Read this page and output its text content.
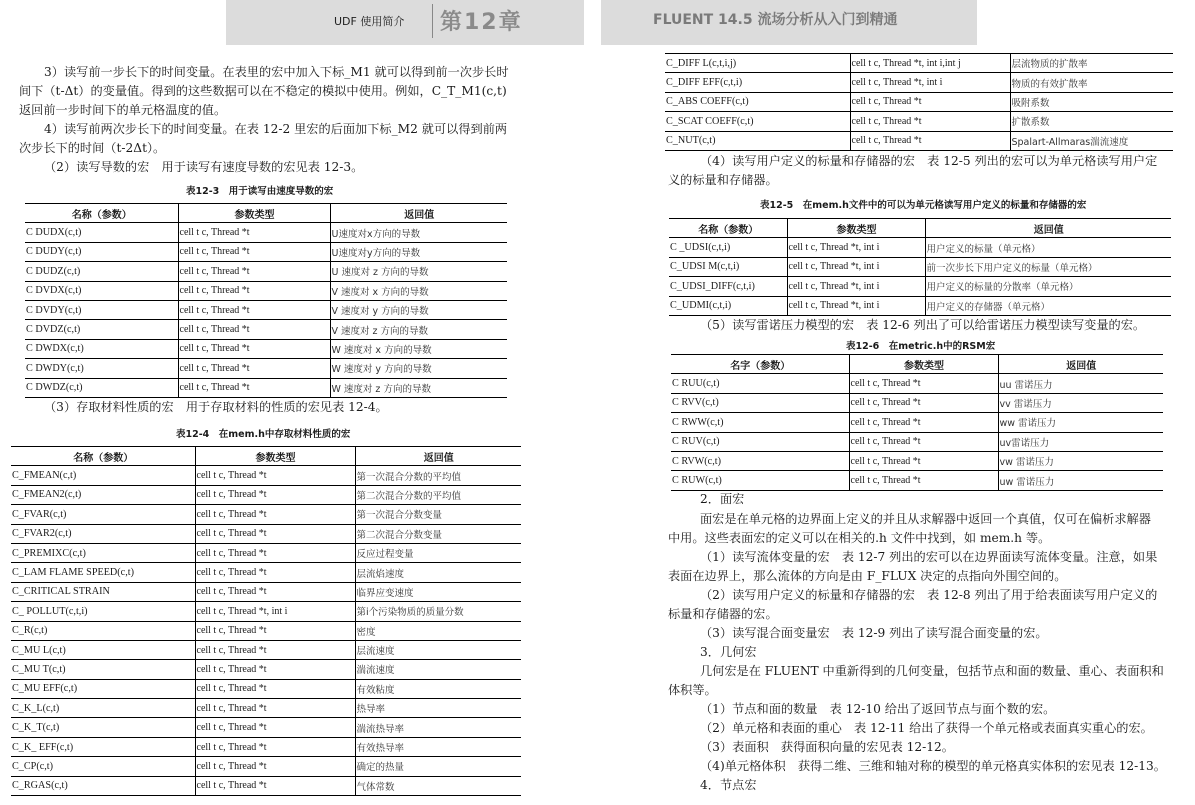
UDF 使用简介 第12章	FLUENT 14.5 流场分析从入门到精通
3）读写前一步长下的时间变量。在表里的宏中加入下标_M1 就可以得到前一次步长时
间下（t-Δt）的变量值。得到的这些数据可以在不稳定的模拟中使用。例如，C_T_M1(c,t)
返回前一步时间下的单元格温度的值。
4）读写前两次步长下的时间变量。在表 12-2 里宏的后面加下标_M2 就可以得到前两
次步长下的时间（t-2Δt）。
（2）读写导数的宏　用于读写有速度导数的宏见表 12-3。
表12-3　用于读写由速度导数的宏
名称（参数）	参数类型	返回值
C DUDX(c,t)	cell t c, Thread *t	U速度对x方向的导数
C DUDY(c,t)	cell t c, Thread *t	U速度对y方向的导数
C DUDZ(c,t)	cell t c, Thread *t	U 速度对 z 方向的导数
C DVDX(c,t)	cell t c, Thread *t	V 速度对 x 方向的导数
C DVDY(c,t)	cell t c, Thread *t	V 速度对 y 方向的导数
C DVDZ(c,t)	cell t c, Thread *t	V 速度对 z 方向的导数
C DWDX(c,t)	cell t c, Thread *t	W 速度对 x 方向的导数
C DWDY(c,t)	cell t c, Thread *t	W 速度对 y 方向的导数
C DWDZ(c,t)	cell t c, Thread *t	W 速度对 z 方向的导数
（3）存取材料性质的宏　用于存取材料的性质的宏见表 12-4。
表12-4　在mem.h中存取材料性质的宏
名称（参数）	参数类型	返回值
C_FMEAN(c,t)	cell t c, Thread *t	第一次混合分数的平均值
C_FMEAN2(c,t)	cell t c, Thread *t	第二次混合分数的平均值
C_FVAR(c,t)	cell t c, Thread *t	第一次混合分数变量
C_FVAR2(c,t)	cell t c, Thread *t	第二次混合分数变量
C_PREMIXC(c,t)	cell t c, Thread *t	反应过程变量
C_LAM FLAME SPEED(c,t)	cell t c, Thread *t	层流焰速度
C_CRITICAL STRAIN	cell t c, Thread *t	临界应变速度
C_ POLLUT(c,t,i)	cell t c, Thread *t, int i	第i个污染物质的质量分数
C_R(c,t)	cell t c, Thread *t	密度
C_MU L(c,t)	cell t c, Thread *t	层流速度
C_MU T(c,t)	cell t c, Thread *t	湍流速度
C_MU EFF(c,t)	cell t c, Thread *t	有效粘度
C_K_L(c,t)	cell t c, Thread *t	热导率
C_K_T(c,t)	cell t c, Thread *t	湍流热导率
C_K_ EFF(c,t)	cell t c, Thread *t	有效热导率
C_CP(c,t)	cell t c, Thread *t	确定的热量
C_RGAS(c,t)	cell t c, Thread *t	气体常数
C_DIFF L(c,t,i,j)	cell t c, Thread *t, int i,int j	层流物质的扩散率
C_DIFF EFF(c,t,i)	cell t c, Thread *t, int i	物质的有效扩散率
C_ABS COEFF(c,t)	cell t c, Thread *t	吸附系数
C_SCAT COEFF(c,t)	cell t c, Thread *t	扩散系数
C_NUT(c,t)	cell t c, Thread *t	Spalart-Allmaras湍流速度
（4）读写用户定义的标量和存储器的宏　表 12-5 列出的宏可以为单元格读写用户定
义的标量和存储器。
表12-5　在mem.h文件中的可以为单元格读写用户定义的标量和存储器的宏
名称（参数）	参数类型	返回值
C _UDSI(c,t,i)	cell t c, Thread *t, int i	用户定义的标量（单元格）
C_UDSI M(c,t,i)	cell t c, Thread *t, int i	前一次步长下用户定义的标量（单元格）
C_UDSI_DIFF(c,t,i)	cell t c, Thread *t, int i	用户定义的标量的分散率（单元格）
C_UDMI(c,t,i)	cell t c, Thread *t, int i	用户定义的存储器（单元格）
（5）读写雷诺压力模型的宏　表 12-6 列出了可以给雷诺压力模型读写变量的宏。
表12-6　在metric.h中的RSM宏
名字（参数）	参数类型	返回值
C RUU(c,t)	cell t c, Thread *t	uu 雷诺压力
C RVV(c,t)	cell t c, Thread *t	vv 雷诺压力
C RWW(c,t)	cell t c, Thread *t	ww 雷诺压力
C RUV(c,t)	cell t c, Thread *t	uv雷诺压力
C RVW(c,t)	cell t c, Thread *t	vw 雷诺压力
C RUW(c,t)	cell t c, Thread *t	uw 雷诺压力
2．面宏
面宏是在单元格的边界面上定义的并且从求解器中返回一个真值，仅可在偏析求解器
中用。这些表面宏的定义可以在相关的.h 文件中找到，如 mem.h 等。
（1）读写流体变量的宏　表 12-7 列出的宏可以在边界面读写流体变量。注意，如果
表面在边界上，那么流体的方向是由 F_FLUX 决定的点指向外围空间的。
（2）读写用户定义的标量和存储器的宏　表 12-8 列出了用于给表面读写用户定义的
标量和存储器的宏。
（3）读写混合面变量宏　表 12-9 列出了读写混合面变量的宏。
3．几何宏
几何宏是在 FLUENT 中重新得到的几何变量，包括节点和面的数量、重心、表面积和
体积等。
（1）节点和面的数量　表 12-10 给出了返回节点与面个数的宏。
（2）单元格和表面的重心　表 12-11 给出了获得一个单元格或表面真实重心的宏。
（3）表面积　获得面积向量的宏见表 12-12。
（4)单元格体积　获得二维、三维和轴对称的模型的单元格真实体积的宏见表 12-13。
4．节点宏
